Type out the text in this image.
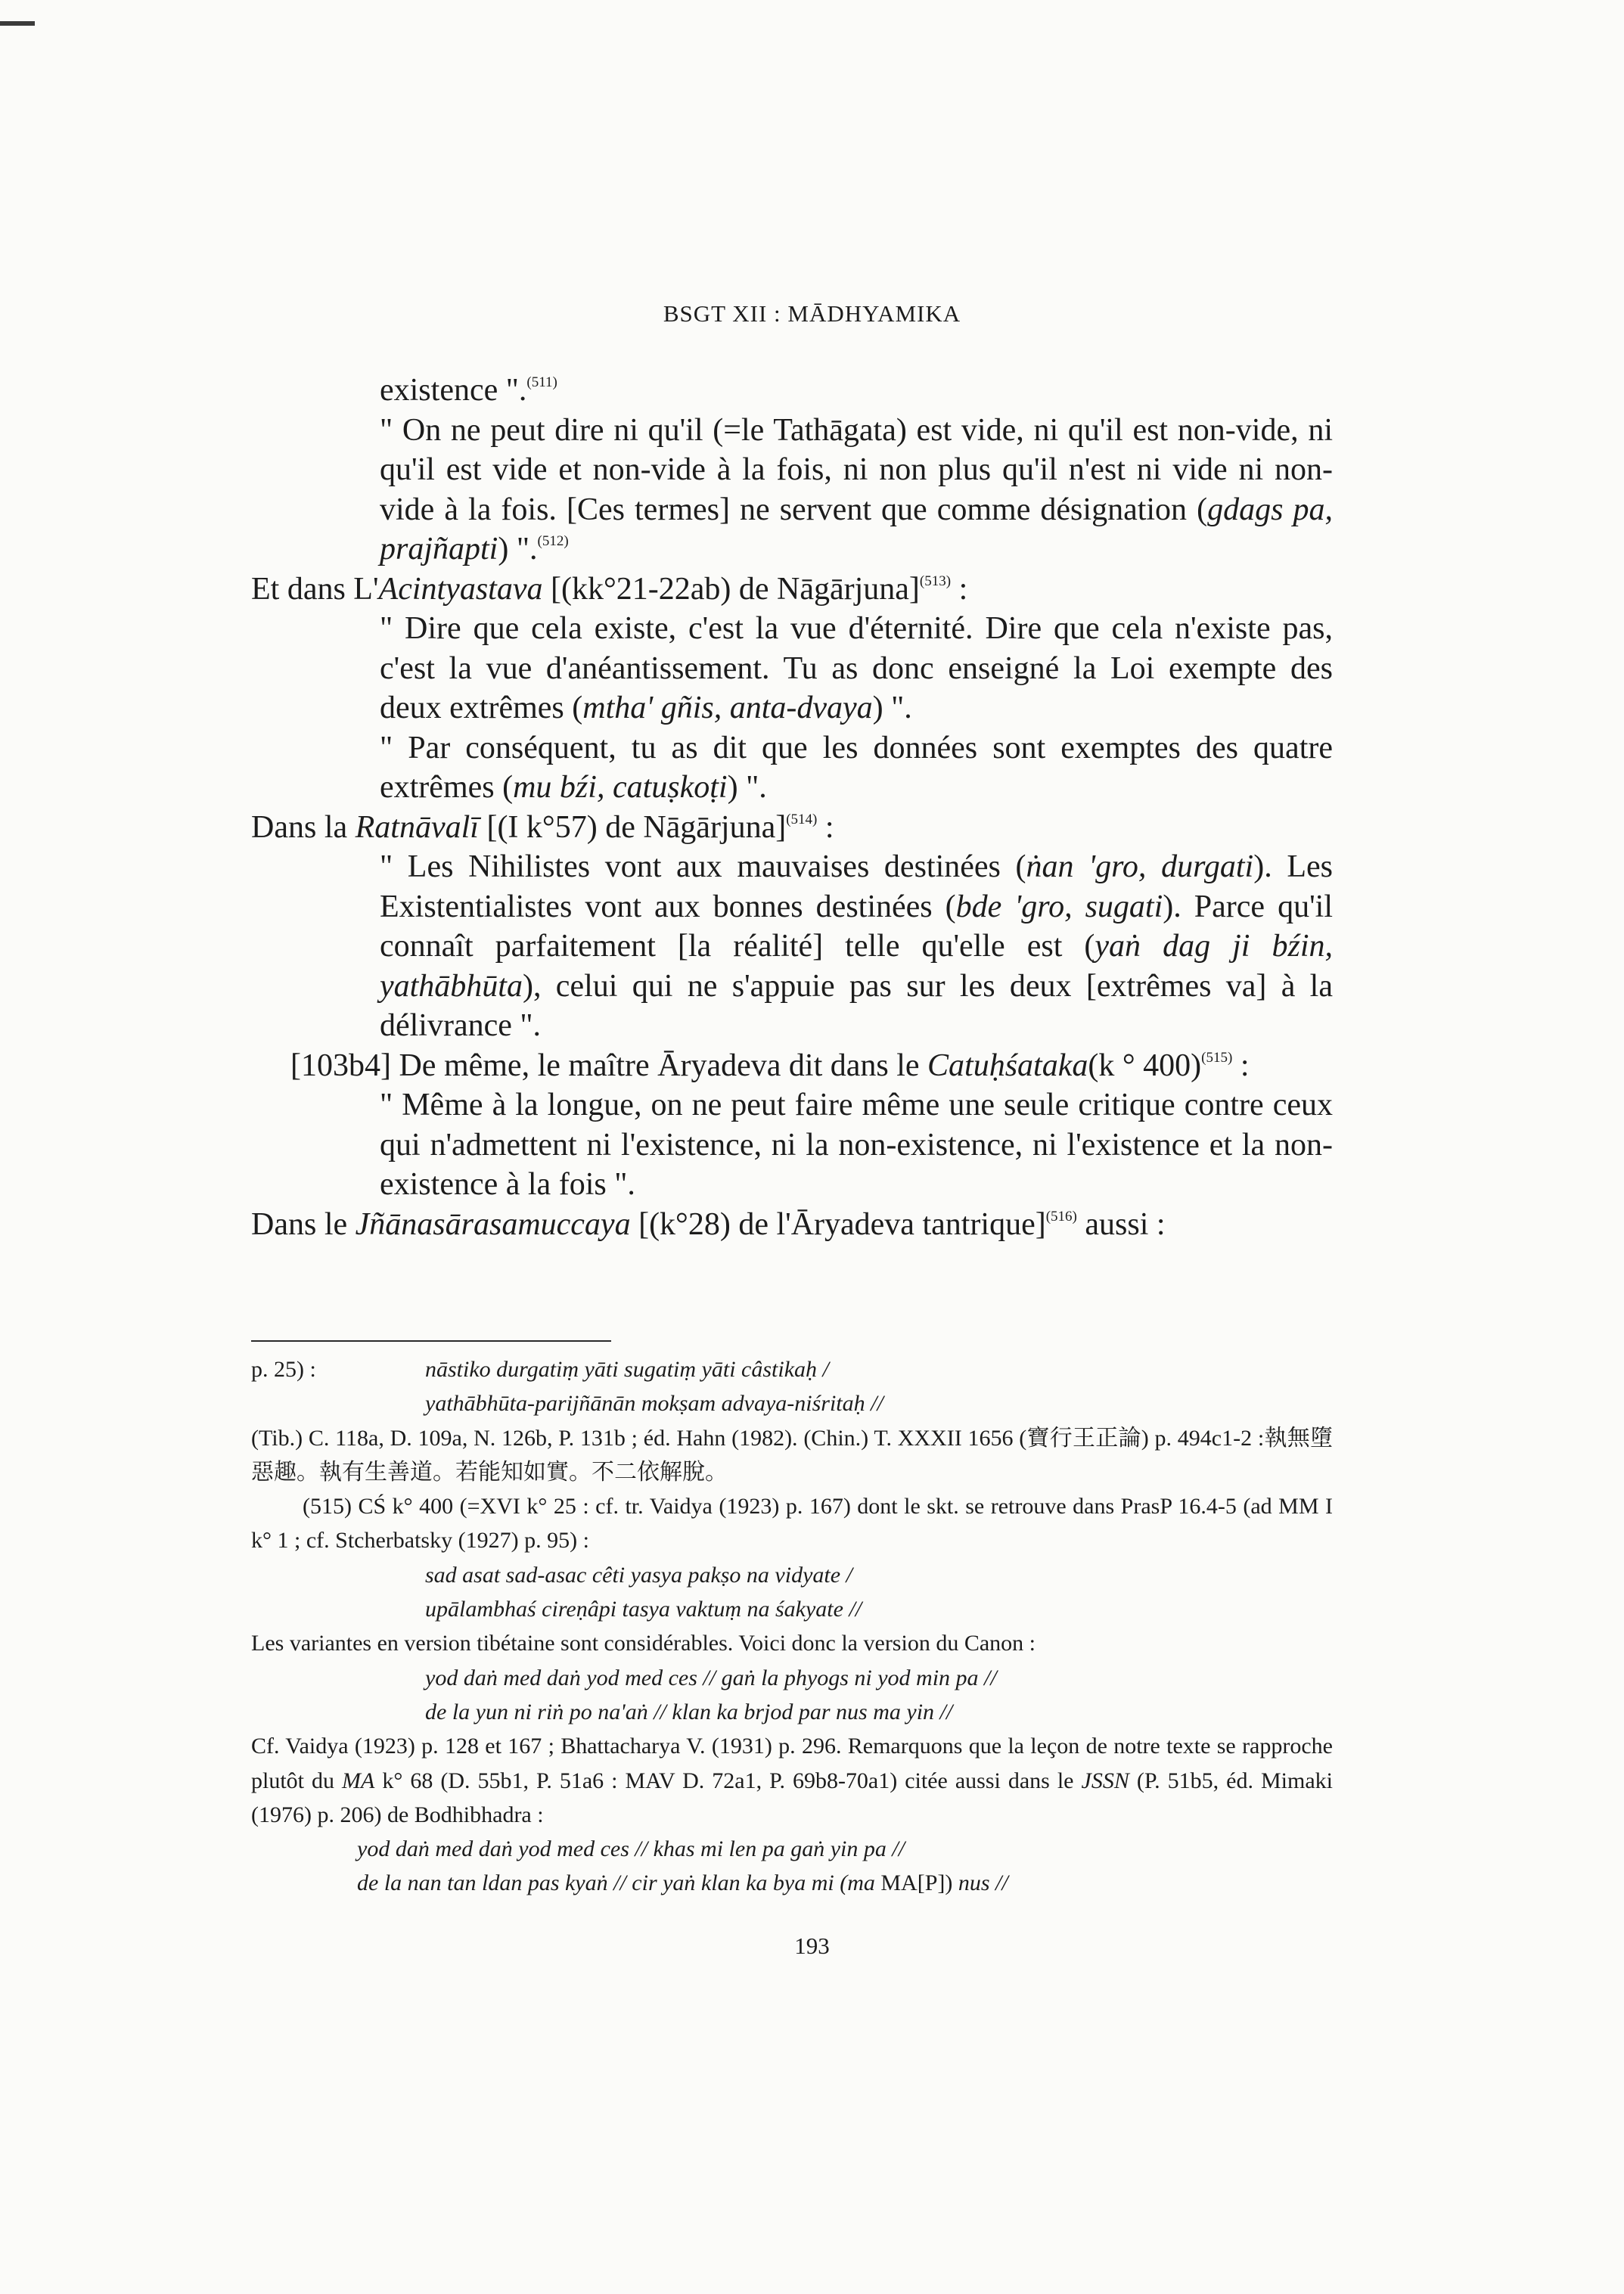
BSGT XII : MĀDHYAMIKA

existence ".$^{(511)}$

" On ne peut dire ni qu'il (=le Tathāgata) est vide, ni qu'il est non-vide, ni qu'il est vide et non-vide à la fois, ni non plus qu'il n'est ni vide ni non-vide à la fois. [Ces termes] ne servent que comme désignation (gdags pa, prajñapti) ".$^{(512)}$

Et dans L'Acintyastava [(kk°21-22ab) de Nāgārjuna]$^{(513)}$ :

" Dire que cela existe, c'est la vue d'éternité. Dire que cela n'existe pas, c'est la vue d'anéantissement. Tu as donc enseigné la Loi exempte des deux extrêmes (mtha' gñis, anta-dvaya) ".

" Par conséquent, tu as dit que les données sont exemptes des quatre extrêmes (mu bźi, catuṣkoṭi) ".

Dans la Ratnāvalī [(I k°57) de Nāgārjuna]$^{(514)}$ :

" Les Nihilistes vont aux mauvaises destinées (ṅan 'gro, durgati). Les Existentialistes vont aux bonnes destinées (bde 'gro, sugati). Parce qu'il connaît parfaitement [la réalité] telle qu'elle est (yaṅ dag ji bźin, yathābhūta), celui qui ne s'appuie pas sur les deux [extrêmes va] à la délivrance ".

[103b4] De même, le maître Āryadeva dit dans le Catuḥśataka(k ° 400)$^{(515)}$ :

" Même à la longue, on ne peut faire même une seule critique contre ceux qui n'admettent ni l'existence, ni la non-existence, ni l'existence et la non-existence à la fois ".

Dans le Jñānasārasamuccaya [(k°28) de l'Āryadeva tantrique]$^{(516)}$ aussi :

p. 25) :	nāstiko durgatiṃ yāti sugatiṃ yāti câstikaḥ /

yathābhūta-parijñānān mokṣam advaya-niśritaḥ //

(Tib.) C. 118a, D. 109a, N. 126b, P. 131b ; éd. Hahn (1982). (Chin.) T. XXXII 1656 (寶行王正論) p. 494c1-2 :執無墮惡趣。執有生善道。若能知如實。不二依解脫。

(515) CŚ k° 400 (=XVI k° 25 : cf. tr. Vaidya (1923) p. 167) dont le skt. se retrouve dans PrasP 16.4-5 (ad MM I k° 1 ; cf. Stcherbatsky (1927) p. 95) :

sad asat sad-asac cêti yasya pakṣo na vidyate /

upālambhaś cireṇâpi tasya vaktuṃ na śakyate //

Les variantes en version tibétaine sont considérables. Voici donc la version du Canon :

yod daṅ med daṅ yod med ces // gaṅ la phyogs ni yod min pa //

de la yun ni riṅ po na'aṅ // klan ka brjod par nus ma yin //

Cf. Vaidya (1923) p. 128 et 167 ; Bhattacharya V. (1931) p. 296. Remarquons que la leçon de notre texte se rapproche plutôt du MA k° 68 (D. 55b1, P. 51a6 : MAV D. 72a1, P. 69b8-70a1) citée aussi dans le JSSN (P. 51b5, éd. Mimaki (1976) p. 206) de Bodhibhadra :

yod daṅ med daṅ yod med ces // khas mi len pa gaṅ yin pa //

de la nan tan ldan pas kyaṅ // cir yaṅ klan ka bya mi (ma MA[P]) nus //

193
